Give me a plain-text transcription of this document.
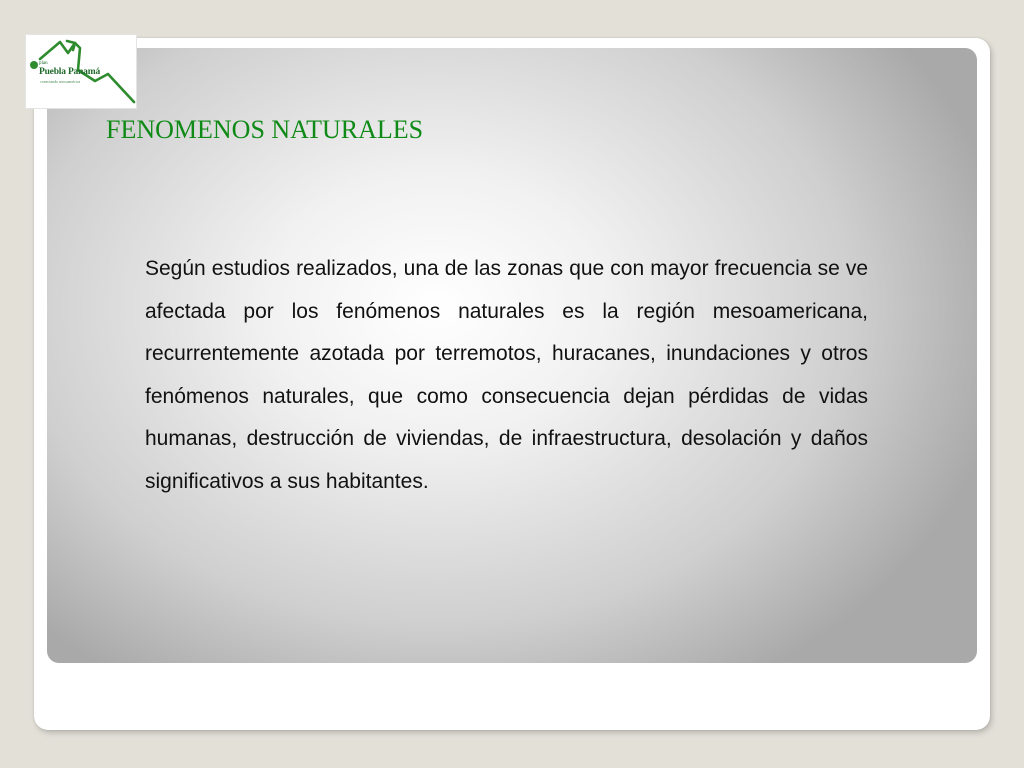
plan
Puebla Panamá
conectando mesoamérica
FENOMENOS NATURALES

Según estudios realizados, una de las zonas que con mayor frecuencia se ve afectada por los fenómenos naturales es la región mesoamericana, recurrentemente azotada por terremotos, huracanes, inundaciones y otros fenómenos naturales, que como consecuencia dejan pérdidas de vidas humanas, destrucción de viviendas, de infraestructura, desolación y daños significativos a sus habitantes.
